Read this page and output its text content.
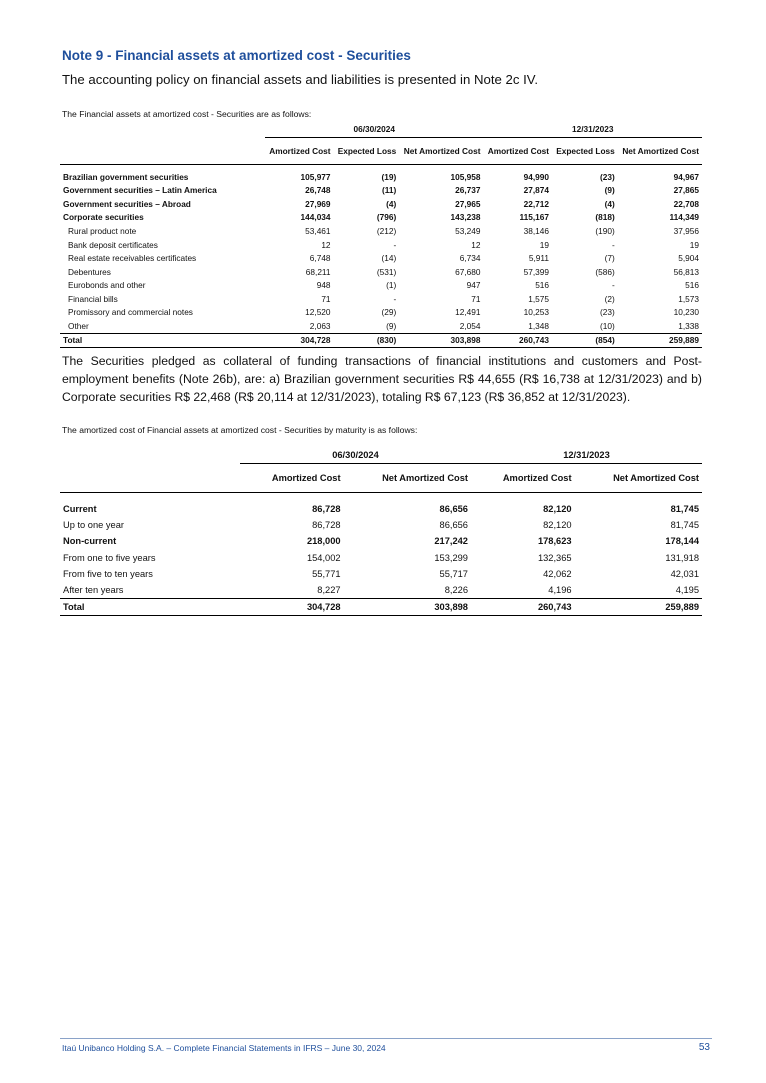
Note 9 - Financial assets at amortized cost - Securities

The accounting policy on financial assets and liabilities is presented in Note 2c IV.

The Financial assets at amortized cost - Securities are as follows:

	06/30/2024			12/31/2023		
	Amortized Cost	Expected Loss	Net Amortized Cost	Amortized Cost	Expected Loss	Net Amortized Cost

Brazilian government securities	105,977	(19)	105,958	94,990	(23)	94,967
Government securities – Latin America	26,748	(11)	26,737	27,874	(9)	27,865
Government securities – Abroad	27,969	(4)	27,965	22,712	(4)	22,708
Corporate securities	144,034	(796)	143,238	115,167	(818)	114,349
Rural product note	53,461	(212)	53,249	38,146	(190)	37,956
Bank deposit certificates	12	-	12	19	-	19
Real estate receivables certificates	6,748	(14)	6,734	5,911	(7)	5,904
Debentures	68,211	(531)	67,680	57,399	(586)	56,813
Eurobonds and other	948	(1)	947	516	-	516
Financial bills	71	-	71	1,575	(2)	1,573
Promissory and commercial notes	12,520	(29)	12,491	10,253	(23)	10,230
Other	2,063	(9)	2,054	1,348	(10)	1,338
Total	304,728	(830)	303,898	260,743	(854)	259,889

The Securities pledged as collateral of funding transactions of financial institutions and customers and Post-employment benefits (Note 26b), are: a) Brazilian government securities R$ 44,655 (R$ 16,738 at 12/31/2023) and b) Corporate securities R$ 22,468 (R$ 20,114 at 12/31/2023), totaling R$ 67,123 (R$ 36,852 at 12/31/2023).

The amortized cost of Financial assets at amortized cost - Securities by maturity is as follows:

	06/30/2024		12/31/2023	
	Amortized Cost	Net Amortized Cost	Amortized Cost	Net Amortized Cost

Current	86,728	86,656	82,120	81,745
Up to one year	86,728	86,656	82,120	81,745
Non-current	218,000	217,242	178,623	178,144
From one to five years	154,002	153,299	132,365	131,918
From five to ten years	55,771	55,717	42,062	42,031
After ten years	8,227	8,226	4,196	4,195
Total	304,728	303,898	260,743	259,889

Itaú Unibanco Holding S.A. – Complete Financial Statements in IFRS – June 30, 2024	53
